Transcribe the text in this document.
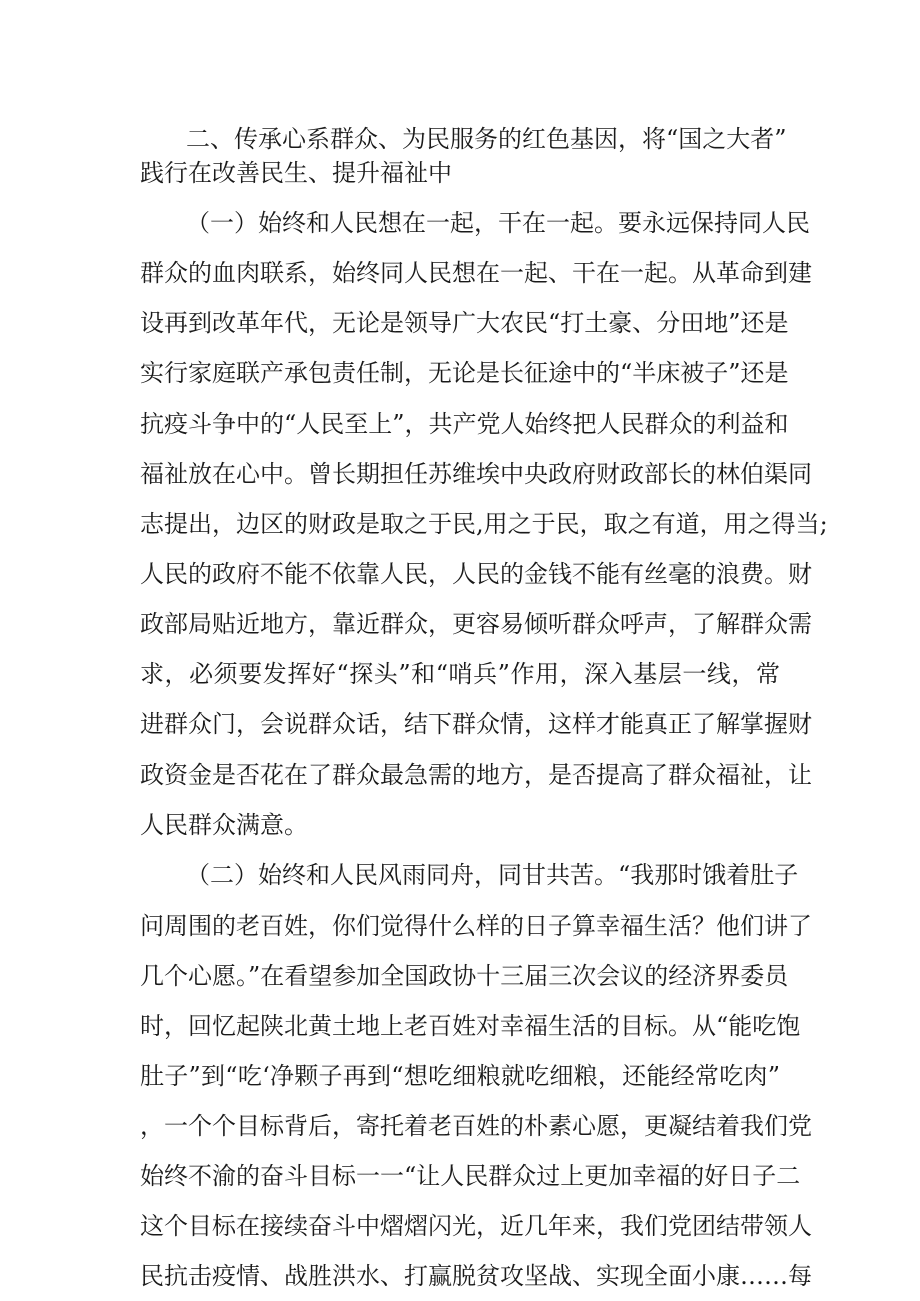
二、传承心系群众、为民服务的红色基因，将“国之大者”
践行在改善民生、提升福祉中
（一）始终和人民想在一起，干在一起。要永远保持同人民
群众的血肉联系，始终同人民想在一起、干在一起。从革命到建
设再到改革年代，无论是领导广大农民“打土豪、分田地”还是
实行家庭联产承包责任制，无论是长征途中的“半床被子”还是
抗疫斗争中的“人民至上”，共产党人始终把人民群众的利益和
福祉放在心中。曾长期担任苏维埃中央政府财政部长的林伯渠同
志提出，边区的财政是取之于民,用之于民，取之有道，用之得当;
人民的政府不能不依靠人民，人民的金钱不能有丝毫的浪费。财
政部局贴近地方，靠近群众，更容易倾听群众呼声，了解群众需
求，必须要发挥好“探头”和“哨兵”作用，深入基层一线，常
进群众门，会说群众话，结下群众情，这样才能真正了解掌握财
政资金是否花在了群众最急需的地方，是否提高了群众福祉，让
人民群众满意。
（二）始终和人民风雨同舟，同甘共苦。“我那时饿着肚子
问周围的老百姓，你们觉得什么样的日子算幸福生活？他们讲了
几个心愿。”在看望参加全国政协十三届三次会议的经济界委员
时，回忆起陕北黄土地上老百姓对幸福生活的目标。从“能吃饱
肚子”到“吃‘净颗子再到“想吃细粮就吃细粮，还能经常吃肉”
，一个个目标背后，寄托着老百姓的朴素心愿，更凝结着我们党
始终不渝的奋斗目标一一“让人民群众过上更加幸福的好日子二
这个目标在接续奋斗中熠熠闪光，近几年来，我们党团结带领人
民抗击疫情、战胜洪水、打赢脱贫攻坚战、实现全面小康……每
